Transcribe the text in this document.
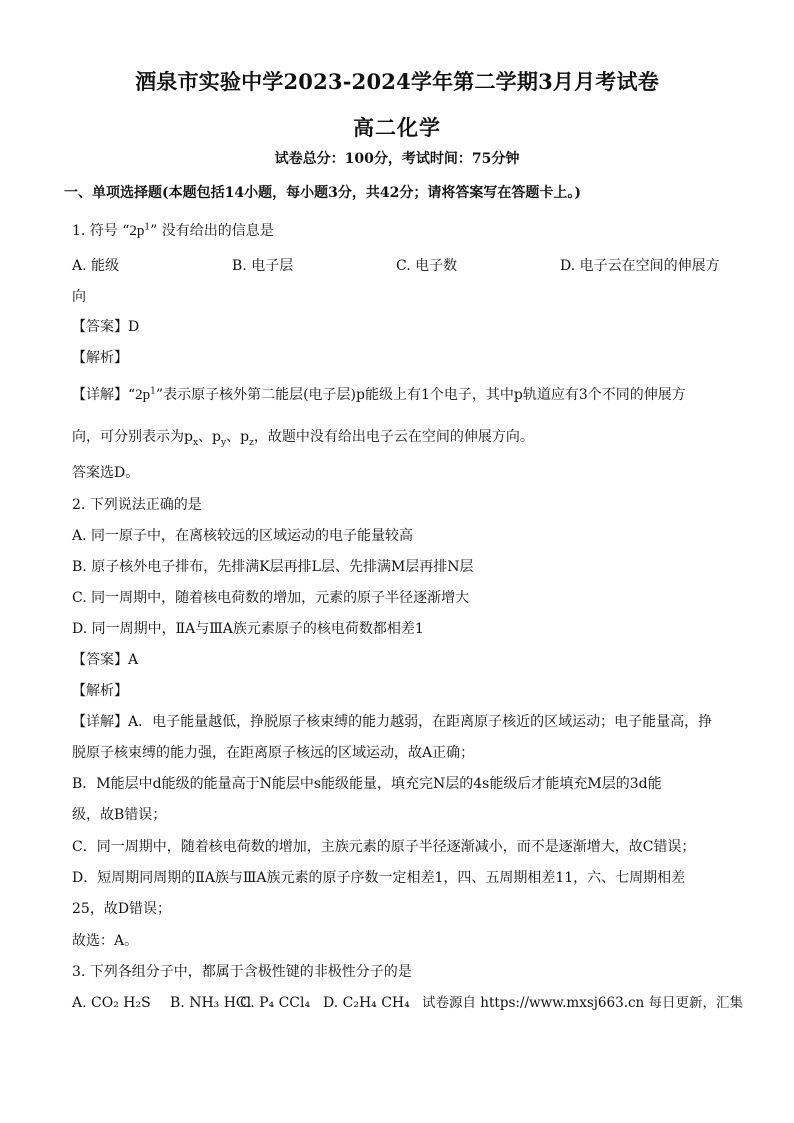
酒泉市实验中学2023-2024学年第二学期3月月考试卷
高二化学
试卷总分：100分，考试时间：75分钟
一、单项选择题(本题包括14小题，每小题3分，共42分；请将答案写在答题卡上。)
1. 符号 “$2p^1$” 没有给出的信息是
A. 能级	B. 电子层	C. 电子数	D. 电子云在空间的伸展方
向
【答案】D
【解析】
【详解】“$2p^1$”表示原子核外第二能层(电子层)p能级上有1个电子，其中p轨道应有3个不同的伸展方
向，可分别表示为$p_x$、$p_y$、$p_z$，故题中没有给出电子云在空间的伸展方向。
答案选D。
2. 下列说法正确的是
A. 同一原子中，在离核较远的区域运动的电子能量较高
B. 原子核外电子排布，先排满K层再排L层、先排满M层再排N层
C. 同一周期中，随着核电荷数的增加，元素的原子半径逐渐增大
D. 同一周期中，ⅡA与ⅢA族元素原子的核电荷数都相差1
【答案】A
【解析】
【详解】A．电子能量越低，挣脱原子核束缚的能力越弱，在距离原子核近的区域运动；电子能量高，挣
脱原子核束缚的能力强，在距离原子核远的区域运动，故A正确；
B．M能层中d能级的能量高于N能层中s能级能量，填充完N层的4s能级后才能填充M层的3d能
级，故B错误；
C．同一周期中，随着核电荷数的增加，主族元素的原子半径逐渐减小，而不是逐渐增大，故C错误；
D．短周期同周期的ⅡA族与ⅢA族元素的原子序数一定相差1，四、五周期相差11，六、七周期相差
25，故D错误；
故选：A。
3. 下列各组分子中，都属于含极性键的非极性分子的是
A. CO₂ H₂S B. NH₃ HCl
C. P₄ CCl₄ D. C₂H₄ CH₄ 试卷源自 https://www.mxsj663.cn 每日更新，汇集
